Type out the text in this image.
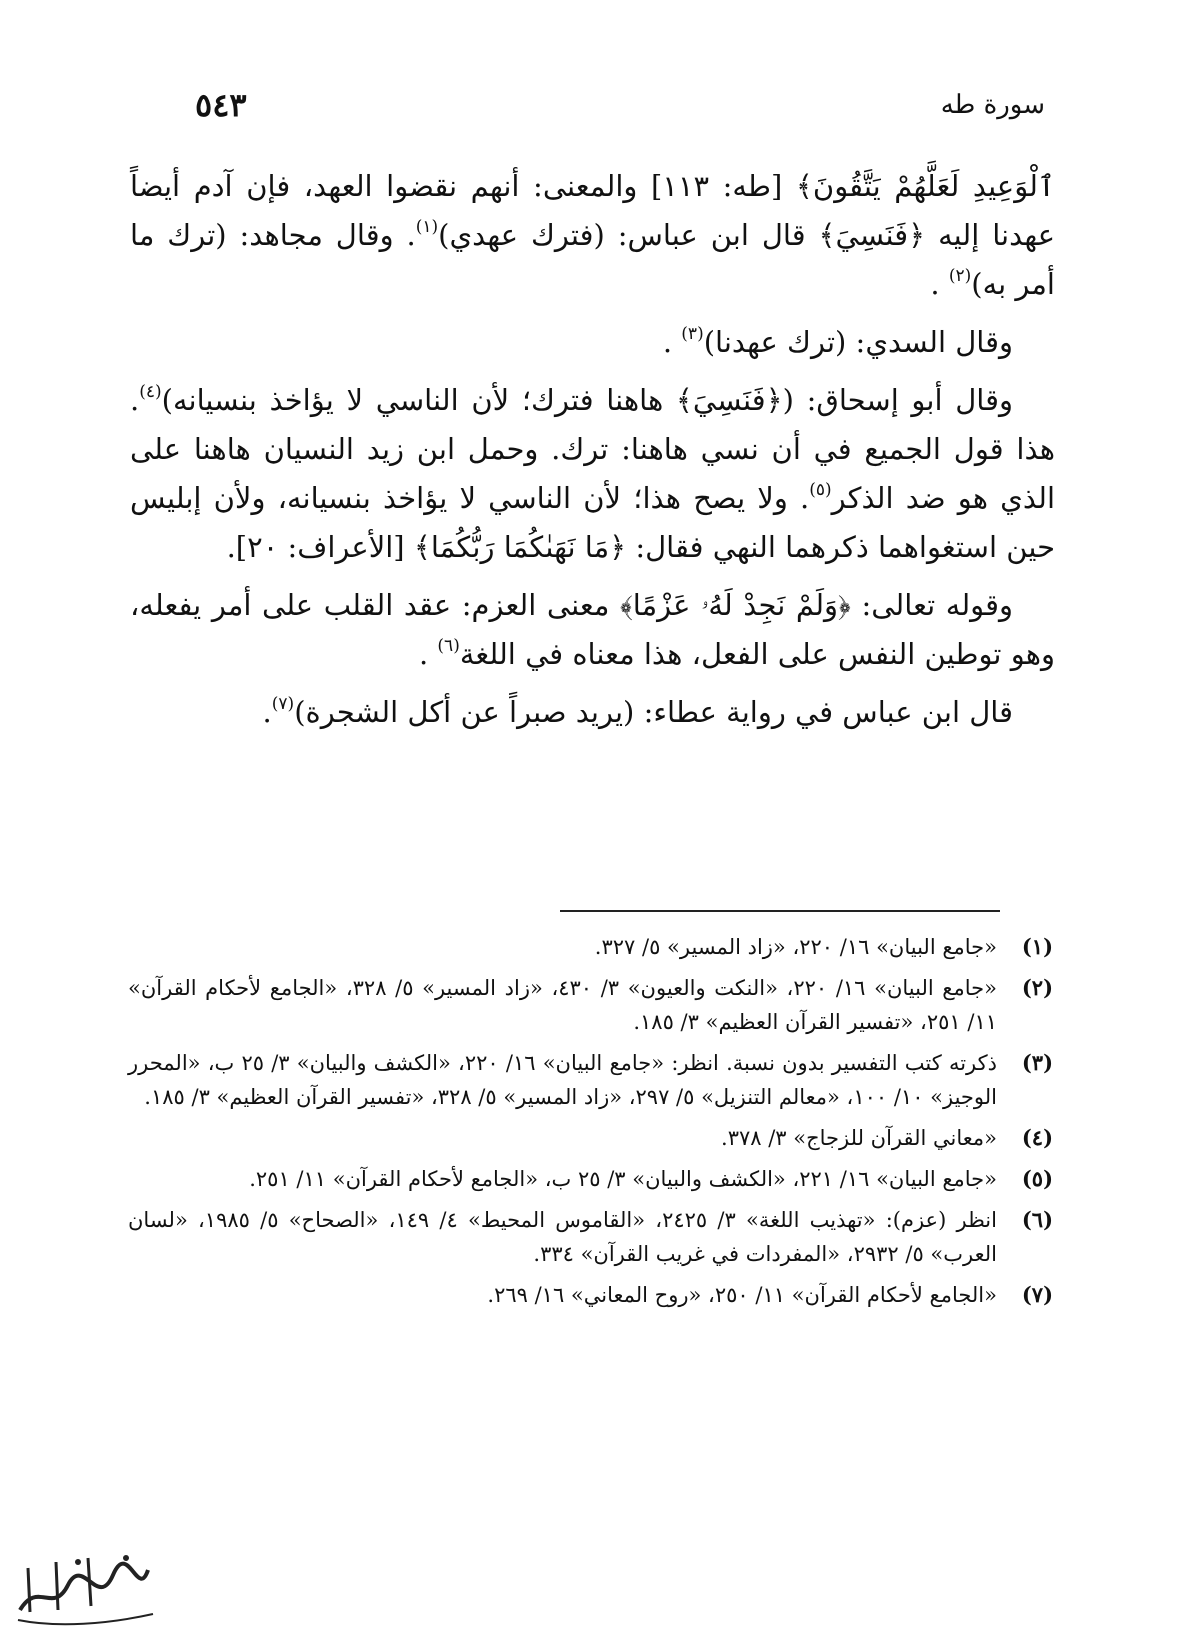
٥٤٣	سورة طه

ٱلْوَعِيدِ لَعَلَّهُمْ يَتَّقُونَ﴾ [طه: ١١٣] والمعنى: أنهم نقضوا العهد، فإن آدم أيضاً عهدنا إليه ﴿فَنَسِيَ﴾ قال ابن عباس: (فترك عهدي)$^{(١)}$. وقال مجاهد: (ترك ما أمر به)$^{(٢)}$ .

وقال السدي: (ترك عهدنا)$^{(٣)}$ .

وقال أبو إسحاق: (﴿فَنَسِيَ﴾ هاهنا فترك؛ لأن الناسي لا يؤاخذ بنسيانه)$^{(٤)}$. هذا قول الجميع في أن نسي هاهنا: ترك. وحمل ابن زيد النسيان هاهنا على الذي هو ضد الذكر$^{(٥)}$. ولا يصح هذا؛ لأن الناسي لا يؤاخذ بنسيانه، ولأن إبليس حين استغواهما ذكرهما النهي فقال: ﴿مَا نَهَىٰكُمَا رَبُّكُمَا﴾ [الأعراف: ٢٠].

وقوله تعالى: ﴿وَلَمْ نَجِدْ لَهُۥ عَزْمًا﴾ معنى العزم: عقد القلب على أمر يفعله، وهو توطين النفس على الفعل، هذا معناه في اللغة$^{(٦)}$ .

قال ابن عباس في رواية عطاء: (يريد صبراً عن أكل الشجرة)$^{(٧)}$.

(١)
«جامع البيان» ١٦/ ٢٢٠، «زاد المسير» ٥/ ٣٢٧.
(٢)
«جامع البيان» ١٦/ ٢٢٠، «النكت والعيون» ٣/ ٤٣٠، «زاد المسير» ٥/ ٣٢٨، «الجامع لأحكام القرآن» ١١/ ٢٥١، «تفسير القرآن العظيم» ٣/ ١٨٥.
(٣)
ذكرته كتب التفسير بدون نسبة. انظر: «جامع البيان» ١٦/ ٢٢٠، «الكشف والبيان» ٣/ ٢٥ ب، «المحرر الوجيز» ١٠/ ١٠٠، «معالم التنزيل» ٥/ ٢٩٧، «زاد المسير» ٥/ ٣٢٨، «تفسير القرآن العظيم» ٣/ ١٨٥.
(٤)
«معاني القرآن للزجاج» ٣/ ٣٧٨.
(٥)
«جامع البيان» ١٦/ ٢٢١، «الكشف والبيان» ٣/ ٢٥ ب، «الجامع لأحكام القرآن» ١١/ ٢٥١.
(٦)
انظر (عزم): «تهذيب اللغة» ٣/ ٢٤٢٥، «القاموس المحيط» ٤/ ١٤٩، «الصحاح» ٥/ ١٩٨٥، «لسان العرب» ٥/ ٢٩٣٢، «المفردات في غريب القرآن» ٣٣٤.
(٧)
«الجامع لأحكام القرآن» ١١/ ٢٥٠، «روح المعاني» ١٦/ ٢٦٩.
